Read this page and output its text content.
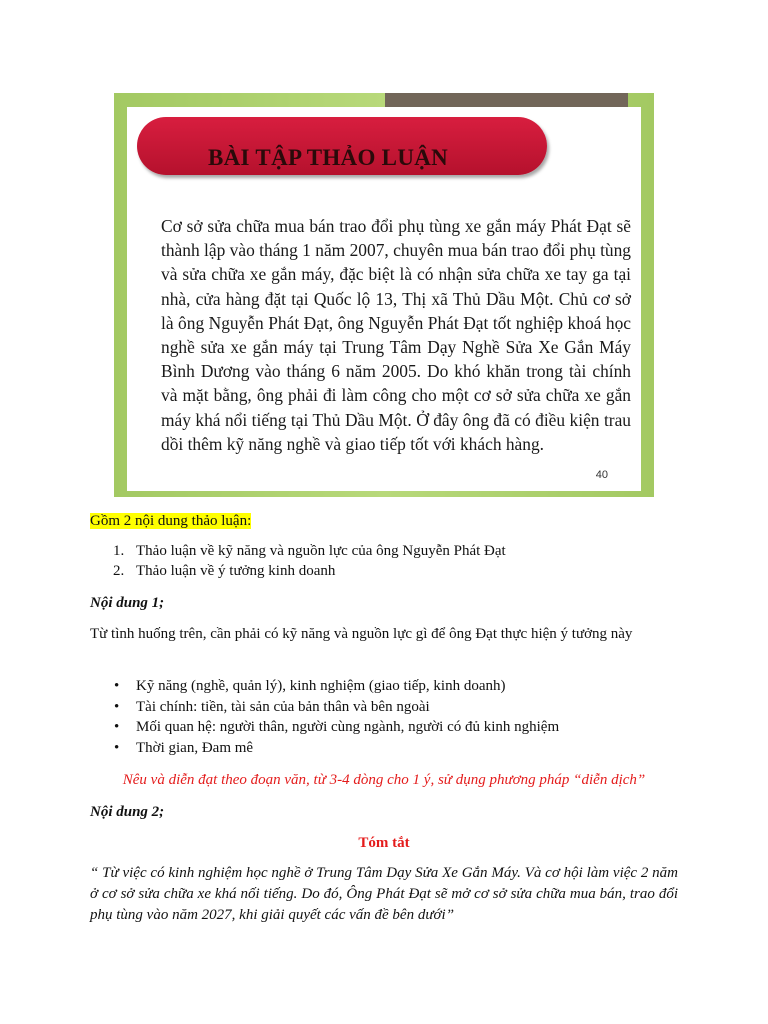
BÀI TẬP THẢO LUẬN
Cơ sở sửa chữa mua bán trao đổi phụ tùng xe gắn máy Phát Đạt sẽ thành lập vào tháng 1 năm 2007, chuyên mua bán trao đổi phụ tùng và sửa chữa xe gắn máy, đặc biệt là có nhận sửa chữa xe tay ga tại nhà, cửa hàng đặt tại Quốc lộ 13, Thị xã Thủ Dầu Một. Chủ cơ sở là ông Nguyễn Phát Đạt, ông Nguyễn Phát Đạt tốt nghiệp khoá học nghề sửa xe gắn máy tại Trung Tâm Dạy Nghề Sửa Xe Gắn Máy Bình Dương vào tháng 6 năm 2005. Do khó khăn trong tài chính và mặt bằng, ông phải đi làm công cho một cơ sở sửa chữa xe gắn máy khá nổi tiếng tại Thủ Dầu Một. Ở đây ông đã có điều kiện trau dồi thêm kỹ năng nghề và giao tiếp tốt với khách hàng.
40
Gồm 2 nội dung thảo luận:
1. Thảo luận về kỹ năng và nguồn lực của ông Nguyễn Phát Đạt
2. Thảo luận về ý tưởng kinh doanh
Nội dung 1;
Từ tình huống trên, cần phải có kỹ năng và nguồn lực gì để ông Đạt thực hiện ý tưởng này
• Kỹ năng (nghề, quản lý), kinh nghiệm (giao tiếp, kinh doanh)
• Tài chính: tiền, tài sản của bản thân và bên ngoài
• Mối quan hệ: người thân, người cùng ngành, người có đủ kinh nghiệm
• Thời gian, Đam mê
Nêu và diễn đạt theo đoạn văn, từ 3-4 dòng cho 1 ý, sử dụng phương pháp “diễn dịch”
Nội dung 2;
Tóm tắt
“ Từ việc có kinh nghiệm học nghề ở Trung Tâm Dạy Sửa Xe Gắn Máy. Và cơ hội làm việc 2 năm ở cơ sở sửa chữa xe khá nối tiếng. Do đó, Ông Phát Đạt sẽ mở cơ sở sửa chữa mua bán, trao đổi phụ tùng vào năm 2027, khi giải quyết các vấn đề bên dưới”
